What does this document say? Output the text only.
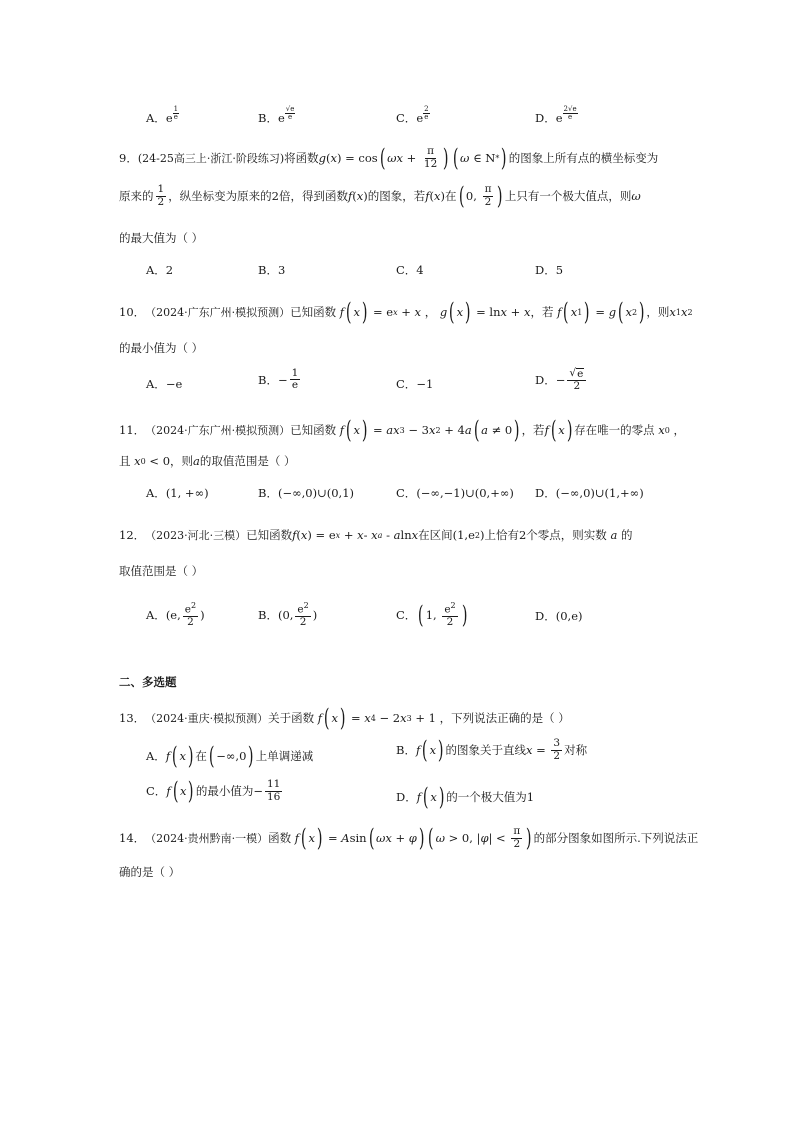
A． e
1
e	B． e
√e
e	C． e
2
e	D． e
2√e
e
9． (24-25高三上·浙江·阶段练习) 将函数 g ( x ) = cos ( ω $x + \frac{\pi}{12}$ ) ( ω ∈ N * ) 的图象上所有点的横坐标变为
原来的 $\frac{1}{2}$ ，纵坐标变为原来的2倍，得到函数 f ( x ) 的图象，若 f ( x ) 在 ( 0, $\frac{\pi}{2}$ ) 上只有一个极大值点，则 ω
的最大值为（ ）
A．2	B．3	C．4	D．5
10． （2024·广东广州·模拟预测） 已知函数
f ( x ) = e x + x ， g ( x ) = ln x + x ，若
f ( x 1 ) = g ( x 2 ) ，则 x 1 x 2
的最小值为（ ）
A． −e	B． − $\frac{1}{e}$	C． −1	D． − $\frac{√ e}{2}$
11． （2024·广东广州·模拟预测） 已知函数
f ( x ) = ax 3 − 3 x 2 + 4 a ( a ≠ 0 ) ，若 f ( x ) 存在唯一的零点
x 0 ，
且
x 0 < 0 ，则 a 的取值范围是（ ）
A． (1, +∞)	B． (−∞,0)∪(0,1)	C． (−∞,−1)∪(0,+∞) D． (−∞,0)∪(1,+∞)
12． （2023·河北·三模） 已知函数 f ( x ) = e x + x - x a - a ln x 在区间 (1,e 2 ) 上恰有2个零点，则实数 a 的
取值范围是（ ）
A． (e, $\frac{e^2}{2}$ )	B． (0, $\frac{e^2}{2}$ )	C． ( 1, $\frac{e^2}{2}$ )	D． (0,e)
二、多选题
13． （2024·重庆·模拟预测） 关于函数
f ( x ) = x 4 − 2 x 3 + 1 ，下列说法正确的是（ ）
A． f ( x ) 在 ( −∞,0 ) 上单调递减	B． f ( x ) 的图象关于直线 $x = \frac{3}{2}$ 对称
C． f ( x ) 的最小值为 − $\frac{11}{16}$	D． f ( x ) 的一个极大值为1
14． （2024·贵州黔南·一模） 函数
f ( x ) = A sin ( ωx + φ ) ( ω > 0, | φ | < $\frac{\pi}{2}$ ) 的部分图象如图所示.下列说法正
确的是（ ）
